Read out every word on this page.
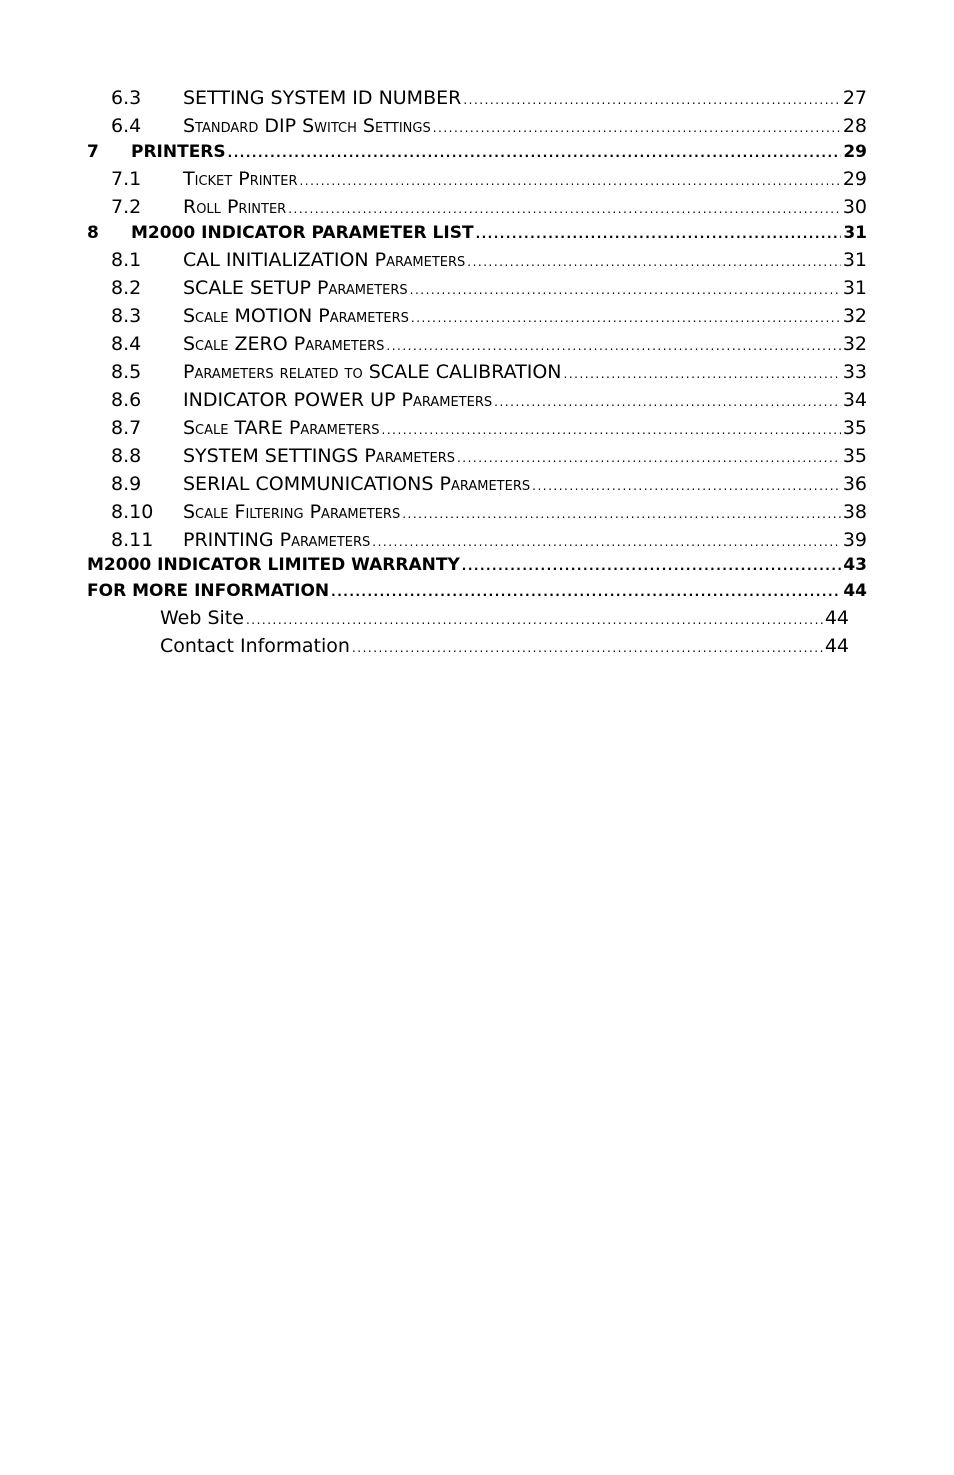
6.3	SETTING SYSTEM ID NUMBER .....	27
6.4	Standard DIP Switch Settings .....	28
7	PRINTERS .....	29
7.1	Ticket Printer .....	29
7.2	Roll Printer .....	30
8	M2000 INDICATOR PARAMETER LIST .....	31
8.1	CAL INITIALIZATION Parameters .....	31
8.2	SCALE SETUP Parameters .....	31
8.3	Scale MOTION Parameters .....	32
8.4	Scale ZERO Parameters .....	32
8.5	Parameters related to SCALE CALIBRATION .....	33
8.6	INDICATOR POWER UP Parameters .....	34
8.7	Scale TARE Parameters .....	35
8.8	SYSTEM SETTINGS Parameters .....	35
8.9	SERIAL COMMUNICATIONS Parameters .....	36
8.10	Scale Filtering Parameters .....	38
8.11	PRINTING Parameters .....	39
M2000 INDICATOR LIMITED WARRANTY .....	43
FOR MORE INFORMATION .....	44
Web Site .....	44
Contact Information .....	44
